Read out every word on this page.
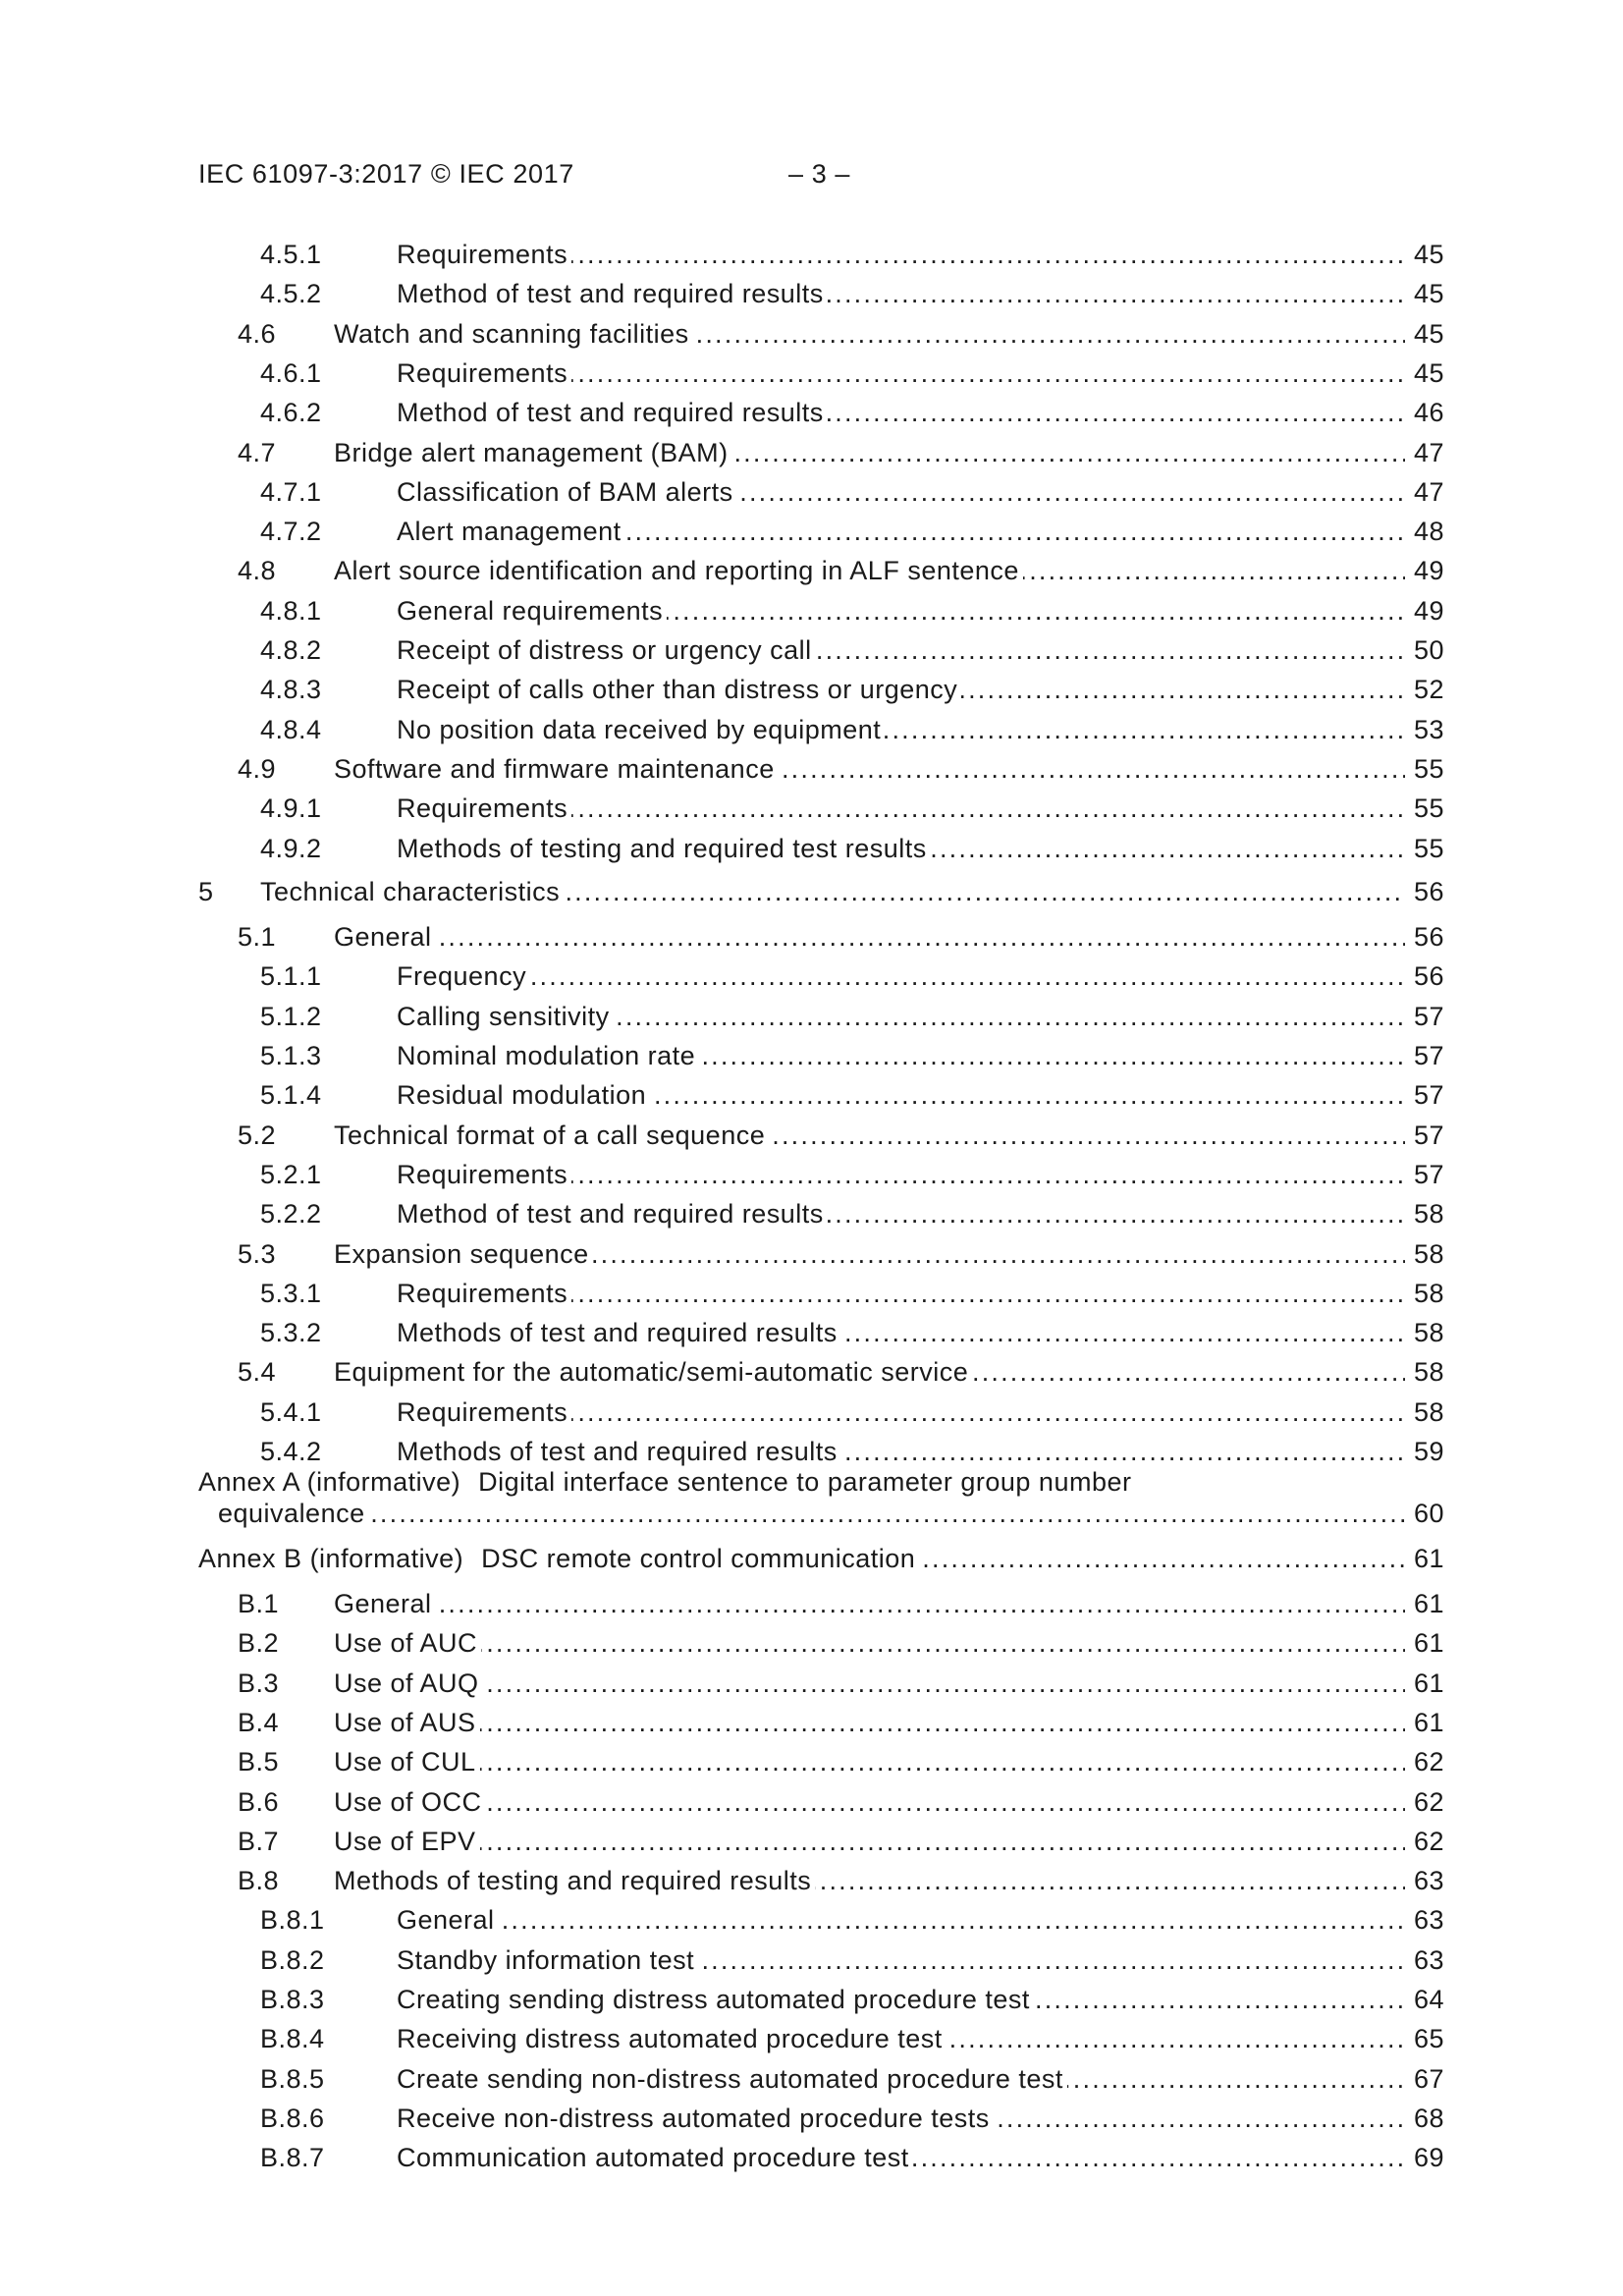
IEC 61097-3:2017 © IEC 2017	– 3 –
4.5.1	Requirements .....	45
4.5.2	Method of test and required results .....	45
4.6 Watch and scanning facilities .....	45
4.6.1	Requirements .....	45
4.6.2	Method of test and required results .....	46
4.7 Bridge alert management (BAM) .....	47
4.7.1	Classification of BAM alerts .....	47
4.7.2	Alert management .....	48
4.8 Alert source identification and reporting in ALF sentence .....	49
4.8.1	General requirements .....	49
4.8.2	Receipt of distress or urgency call .....	50
4.8.3	Receipt of calls other than distress or urgency .....	52
4.8.4	No position data received by equipment .....	53
4.9 Software and firmware maintenance .....	55
4.9.1	Requirements .....	55
4.9.2	Methods of testing and required test results .....	55
5 Technical characteristics .....	56
5.1 General .....	56
5.1.1	Frequency .....	56
5.1.2	Calling sensitivity .....	57
5.1.3	Nominal modulation rate .....	57
5.1.4	Residual modulation .....	57
5.2 Technical format of a call sequence .....	57
5.2.1	Requirements .....	57
5.2.2	Method of test and required results .....	58
5.3 Expansion sequence .....	58
5.3.1	Requirements .....	58
5.3.2	Methods of test and required results .....	58
5.4 Equipment for the automatic/semi-automatic service .....	58
5.4.1	Requirements .....	58
5.4.2	Methods of test and required results .....	59
Annex A (informative) Digital interface sentence to parameter group number
equivalence .....	60
Annex B (informative) DSC remote control communication .....	61
B.1 General .....	61
B.2 Use of AUC .....	61
B.3 Use of AUQ .....	61
B.4 Use of AUS .....	61
B.5 Use of CUL .....	62
B.6 Use of OCC .....	62
B.7 Use of EPV .....	62
B.8 Methods of testing and required results .....	63
B.8.1	General .....	63
B.8.2	Standby information test .....	63
B.8.3	Creating sending distress automated procedure test .....	64
B.8.4	Receiving distress automated procedure test .....	65
B.8.5	Create sending non-distress automated procedure test .....	67
B.8.6	Receive non-distress automated procedure tests .....	68
B.8.7	Communication automated procedure test .....	69
